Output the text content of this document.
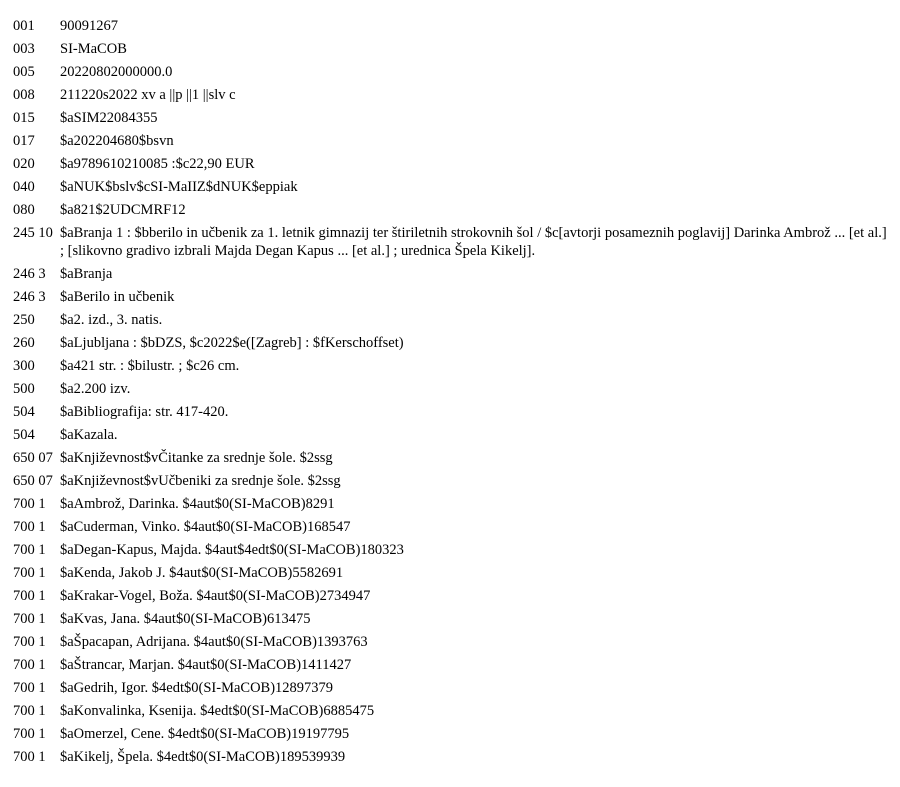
001	90091267
003	SI-MaCOB
005	20220802000000.0
008	211220s2022 xv a ||p ||1 ||slv c
015	$aSIM22084355
017	$a202204680$bsvn
020	$a9789610210085 :$c22,90 EUR
040	$aNUK$bslv$cSI-MaIIZ$dNUK$eppiak
080	$a821$2UDCMRF12
245 10 $aBranja 1 : $bberilo in učbenik za 1. letnik gimnazij ter štiriletnih strokovnih šol / $c[avtorji posameznih poglavij] Darinka Ambrož ... [et al.] ; [slikovno gradivo izbrali Majda Degan Kapus ... [et al.] ; urednica Špela Kikelj].
246 3 $aBranja
246 3 $aBerilo in učbenik
250	$a2. izd., 3. natis.
260	$aLjubljana : $bDZS, $c2022$e([Zagreb] : $fKerschoffset)
300	$a421 str. : $bilustr. ; $c26 cm.
500	$a2.200 izv.
504	$aBibliografija: str. 417-420.
504	$aKazala.
650 07 $aKnjiževnost$vČitanke za srednje šole. $2ssg
650 07 $aKnjiževnost$vUčbeniki za srednje šole. $2ssg
700 1 $aAmbrož, Darinka. $4aut$0(SI-MaCOB)8291
700 1 $aCuderman, Vinko. $4aut$0(SI-MaCOB)168547
700 1 $aDegan-Kapus, Majda. $4aut$4edt$0(SI-MaCOB)180323
700 1 $aKenda, Jakob J. $4aut$0(SI-MaCOB)5582691
700 1 $aKrakar-Vogel, Boža. $4aut$0(SI-MaCOB)2734947
700 1 $aKvas, Jana. $4aut$0(SI-MaCOB)613475
700 1 $aŠpacapan, Adrijana. $4aut$0(SI-MaCOB)1393763
700 1 $aŠtrancar, Marjan. $4aut$0(SI-MaCOB)1411427
700 1 $aGedrih, Igor. $4edt$0(SI-MaCOB)12897379
700 1 $aKonvalinka, Ksenija. $4edt$0(SI-MaCOB)6885475
700 1 $aOmerzel, Cene. $4edt$0(SI-MaCOB)19197795
700 1 $aKikelj, Špela. $4edt$0(SI-MaCOB)189539939
